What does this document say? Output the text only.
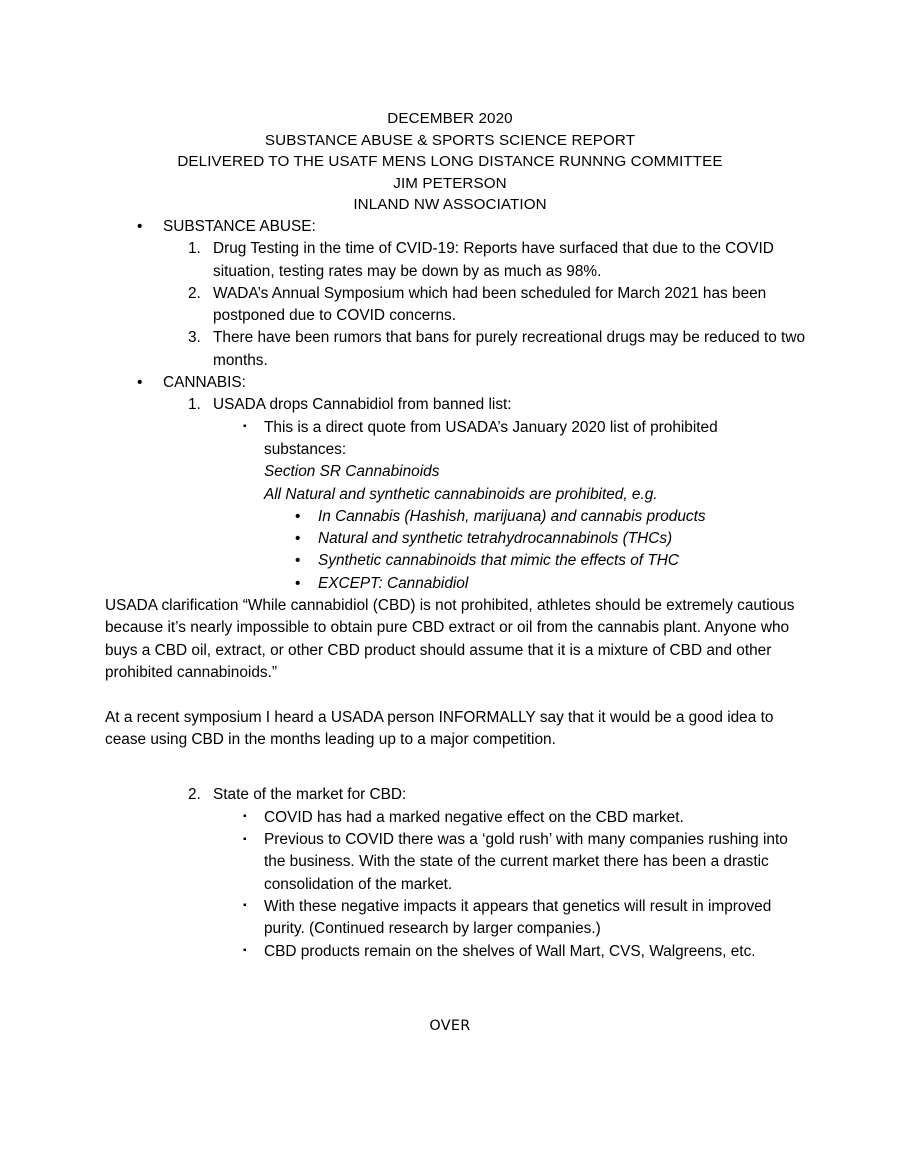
DECEMBER 2020
SUBSTANCE ABUSE & SPORTS SCIENCE REPORT
DELIVERED TO THE USATF MENS LONG DISTANCE RUNNNG COMMITTEE
JIM PETERSON
INLAND NW ASSOCIATION
• SUBSTANCE ABUSE:
1. Drug Testing in the time of CVID-19: Reports have surfaced that due to the COVID situation, testing rates may be down by as much as 98%.
2. WADA’s Annual Symposium which had been scheduled for March 2021 has been postponed due to COVID concerns.
3. There have been rumors that bans for purely recreational drugs may be reduced to two months.
• CANNABIS:
1. USADA drops Cannabidiol from banned list:
▪ This is a direct quote from USADA’s January 2020 list of prohibited substances:
Section SR Cannabinoids
All Natural and synthetic cannabinoids are prohibited, e.g.
• In Cannabis (Hashish, marijuana) and cannabis products
• Natural and synthetic tetrahydrocannabinols (THCs)
• Synthetic cannabinoids that mimic the effects of THC
• EXCEPT: Cannabidiol
USADA clarification “While cannabidiol (CBD) is not prohibited, athletes should be extremely cautious because it’s nearly impossible to obtain pure CBD extract or oil from the cannabis plant. Anyone who buys a CBD oil, extract, or other CBD product should assume that it is a mixture of CBD and other prohibited cannabinoids.”
At a recent symposium I heard a USADA person INFORMALLY say that it would be a good idea to cease using CBD in the months leading up to a major competition.
2. State of the market for CBD:
▪ COVID has had a marked negative effect on the CBD market.
▪ Previous to COVID there was a ‘gold rush’ with many companies rushing into the business. With the state of the current market there has been a drastic consolidation of the market.
▪ With these negative impacts it appears that genetics will result in improved purity. (Continued research by larger companies.)
▪ CBD products remain on the shelves of Wall Mart, CVS, Walgreens, etc.
OVER
